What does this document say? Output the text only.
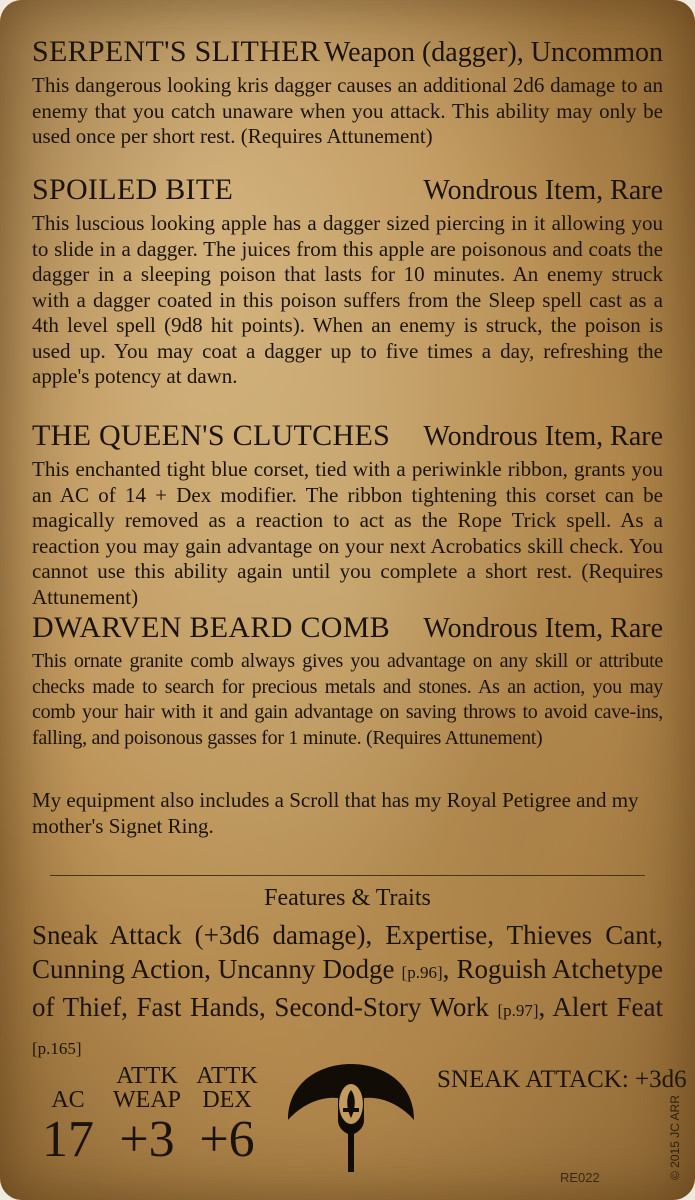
SERPENT'S SLITHER Weapon (dagger), Uncommon

This dangerous looking kris dagger causes an additional 2d6 damage to an enemy that you catch unaware when you attack. This ability may only be used once per short rest. (Requires Attunement)

SPOILED BITE	Wondrous Item, Rare

This luscious looking apple has a dagger sized piercing in it allowing you to slide in a dagger. The juices from this apple are poisonous and coats the dagger in a sleeping poison that lasts for 10 minutes. An enemy struck with a dagger coated in this poison suffers from the Sleep spell cast as a 4th level spell (9d8 hit points). When an enemy is struck, the poison is used up. You may coat a dagger up to five times a day, refreshing the apple's potency at dawn.

THE QUEEN'S CLUTCHES Wondrous Item, Rare

This enchanted tight blue corset, tied with a periwinkle ribbon, grants you an AC of 14 + Dex modifier. The ribbon tightening this corset can be magically removed as a reaction to act as the Rope Trick spell. As a reaction you may gain advantage on your next Acrobatics skill check. You cannot use this ability again until you complete a short rest. (Requires Attunement)

DWARVEN BEARD COMB Wondrous Item, Rare

This ornate granite comb always gives you advantage on any skill or attribute checks made to search for precious metals and stones. As an action, you may comb your hair with it and gain advantage on saving throws to avoid cave-ins, falling, and poisonous gasses for 1 minute. (Requires Attunement)

My equipment also includes a Scroll that has my Royal Petigree and my mother's Signet Ring.

Features & Traits
Sneak Attack (+3d6 damage), Expertise, Thieves Cant, Cunning Action, Uncanny Dodge [p.96], Roguish Atchetype of Thief, Fast Hands, Second-Story Work [p.97], Alert Feat [p.165]
AC
17
ATTK
WEAP
+3
ATTK
DEX
+6
SNEAK ATTACK: +3d6
RE022	© 2015 JC ARR
